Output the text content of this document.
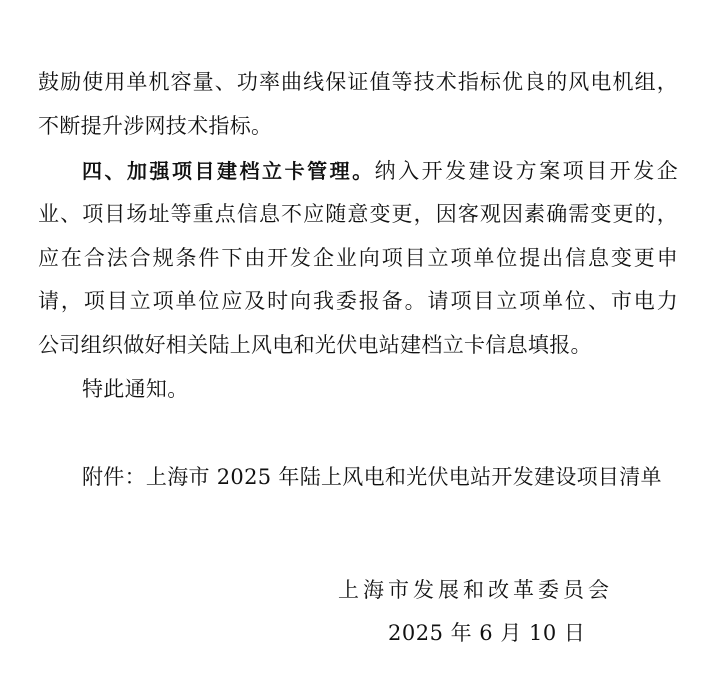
鼓励使用单机容量、功率曲线保证值等技术指标优良的风电机组，
不断提升涉网技术指标。
四、加强项目建档立卡管理。纳入开发建设方案项目开发企
业、项目场址等重点信息不应随意变更，因客观因素确需变更的，
应在合法合规条件下由开发企业向项目立项单位提出信息变更申
请，项目立项单位应及时向我委报备。请项目立项单位、市电力
公司组织做好相关陆上风电和光伏电站建档立卡信息填报。
特此通知。
附件：上海市 2025 年陆上风电和光伏电站开发建设项目清单
上海市发展和改革委员会
2025 年 6 月 10 日
